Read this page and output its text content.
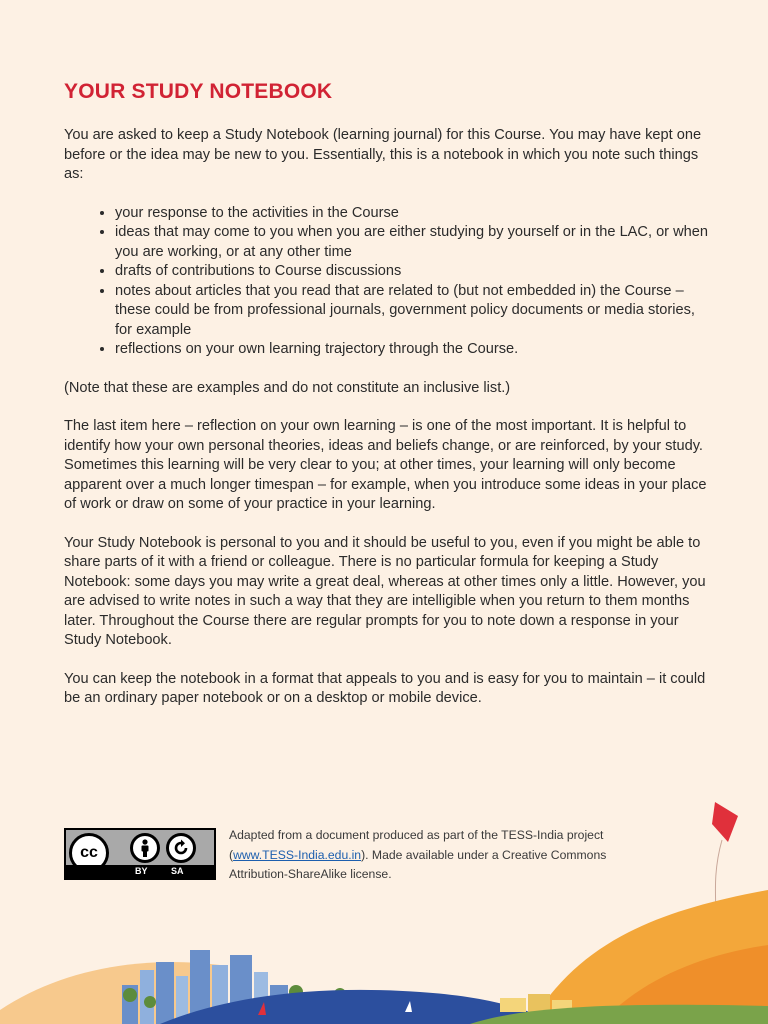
YOUR STUDY NOTEBOOK

You are asked to keep a Study Notebook (learning journal) for this Course. You may have kept one before or the idea may be new to you. Essentially, this is a notebook in which you note such things as:

• your response to the activities in the Course
• ideas that may come to you when you are either studying by yourself or in the LAC, or when you are working, or at any other time
• drafts of contributions to Course discussions
• notes about articles that you read that are related to (but not embedded in) the Course – these could be from professional journals, government policy documents or media stories, for example
• reflections on your own learning trajectory through the Course.

(Note that these are examples and do not constitute an inclusive list.)

The last item here – reflection on your own learning – is one of the most important. It is helpful to identify how your own personal theories, ideas and beliefs change, or are reinforced, by your study. Sometimes this learning will be very clear to you; at other times, your learning will only become apparent over a much longer timespan – for example, when you introduce some ideas in your place of work or draw on some of your practice in your learning.

Your Study Notebook is personal to you and it should be useful to you, even if you might be able to share parts of it with a friend or colleague. There is no particular formula for keeping a Study Notebook: some days you may write a great deal, whereas at other times only a little. However, you are advised to write notes in such a way that they are intelligible when you return to them months later. Throughout the Course there are regular prompts for you to note down a response in your Study Notebook.

You can keep the notebook in a format that appeals to you and is easy for you to maintain – it could be an ordinary paper notebook or on a desktop or mobile device.

cc
BY	SA
Adapted from a document produced as part of the TESS-India project (www.TESS-India.edu.in). Made available under a Creative Commons Attribution-ShareAlike license.
